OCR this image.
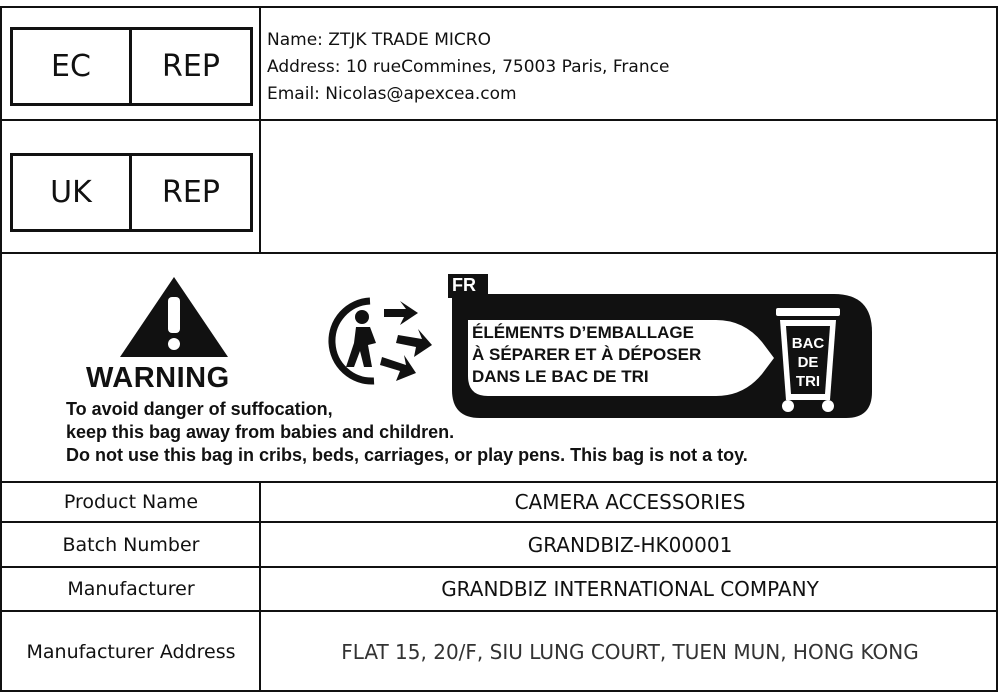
EC	REP
UK	REP
Name: ZTJK TRADE MICRO
Address: 10 rueCommines, 75003 Paris, France
Email: Nicolas@apexcea.com
WARNING
To avoid danger of suffocation,
keep this bag away from babies and children.
Do not use this bag in cribs, beds, carriages, or play pens. This bag is not a toy.
FR
ÉLÉMENTS D’EMBALLAGE
À SÉPARER ET À DÉPOSER
DANS LE BAC DE TRI
BAC
DE
TRI
Product Name	CAMERA ACCESSORIES
Batch Number	GRANDBIZ-HK00001
Manufacturer	GRANDBIZ INTERNATIONAL COMPANY
Manufacturer Address	FLAT 15, 20/F, SIU LUNG COURT, TUEN MUN, HONG KONG
